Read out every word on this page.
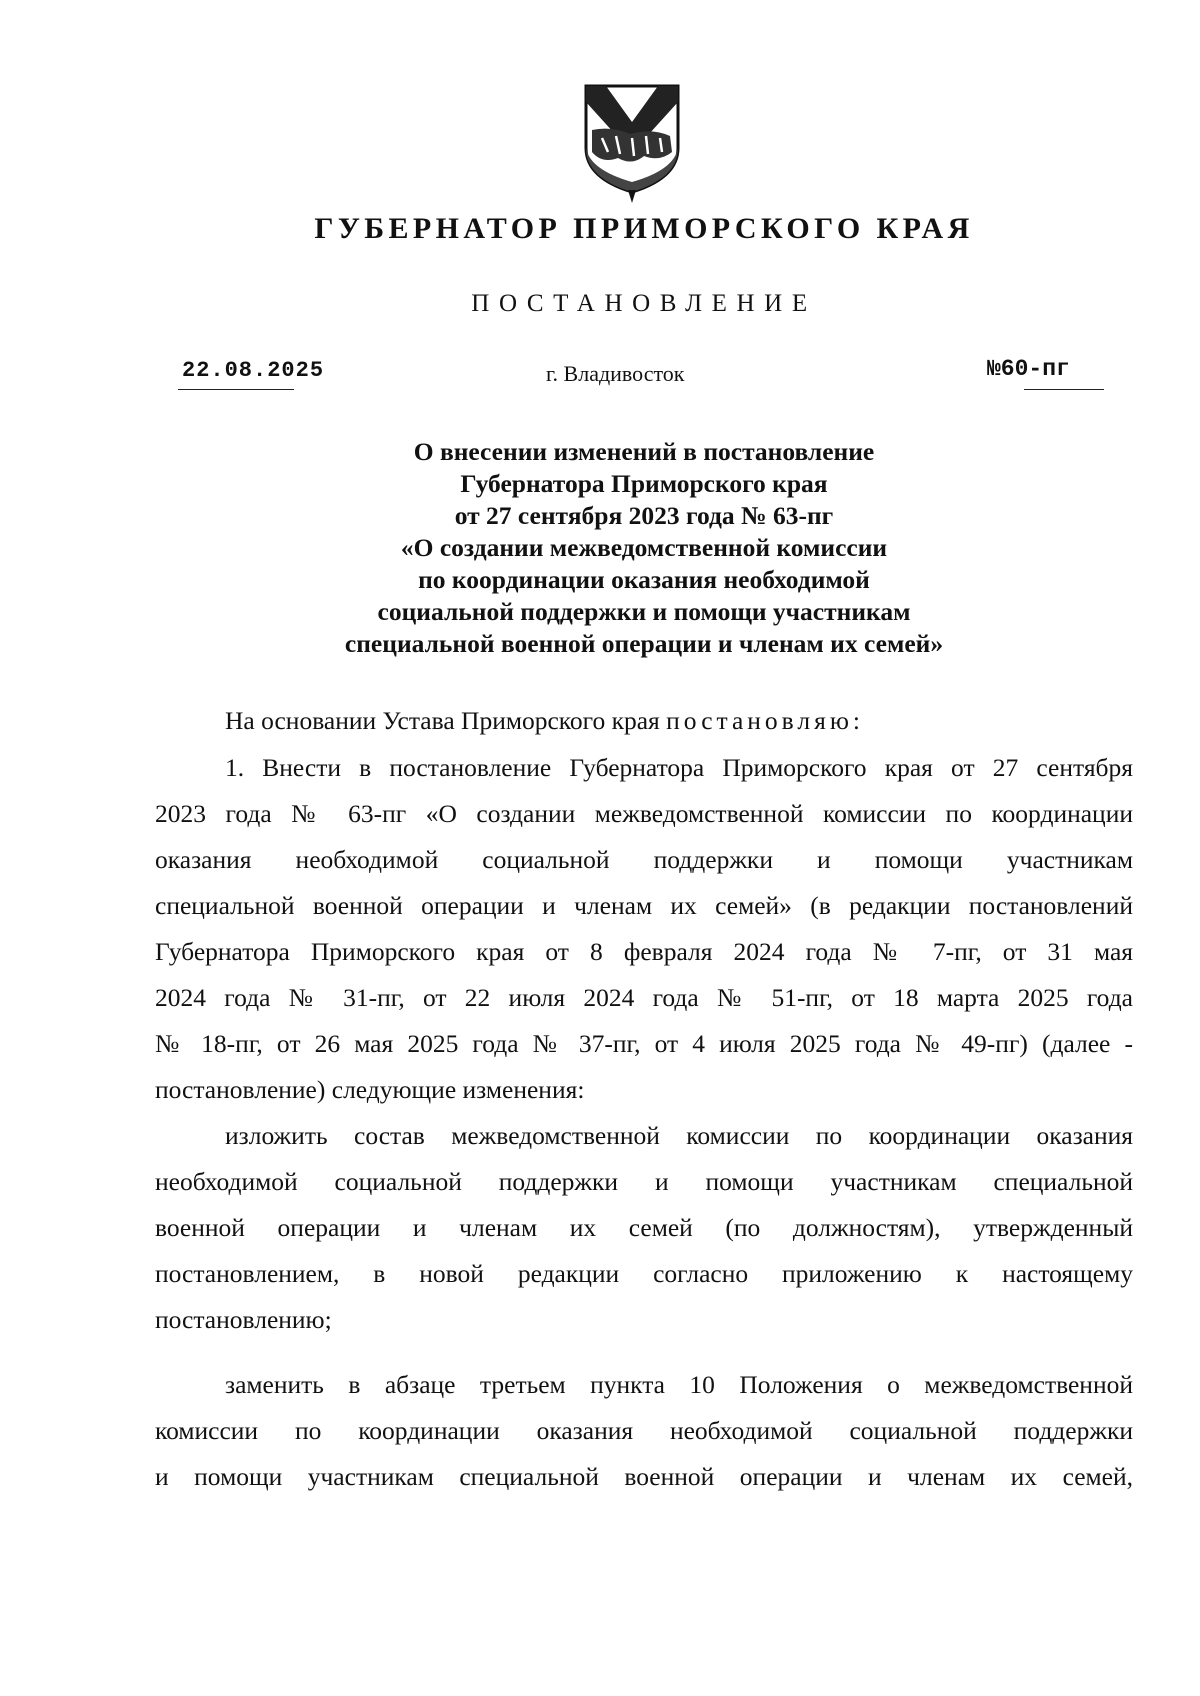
ГУБЕРНАТОР ПРИМОРСКОГО КРАЯ
ПОСТАНОВЛЕНИЕ
22.08.2025	г. Владивосток	№60-пг
О внесении изменений в постановление
Губернатора Приморского края
от 27 сентября 2023 года № 63-пг
«О создании межведомственной комиссии
по координации оказания необходимой
социальной поддержки и помощи участникам
специальной военной операции и членам их семей»
На основании Устава Приморского края постановляю:
1. Внести в постановление Губернатора Приморского края от 27 сентября
2023 года № 63-пг «О создании межведомственной комиссии по координации
оказания необходимой социальной поддержки и помощи участникам
специальной военной операции и членам их семей» (в редакции постановлений
Губернатора Приморского края от 8 февраля 2024 года № 7-пг, от 31 мая
2024 года № 31-пг, от 22 июля 2024 года № 51-пг, от 18 марта 2025 года
№ 18-пг, от 26 мая 2025 года № 37-пг, от 4 июля 2025 года № 49-пг) (далее -
постановление) следующие изменения:
изложить состав межведомственной комиссии по координации оказания
необходимой социальной поддержки и помощи участникам специальной
военной операции и членам их семей (по должностям), утвержденный
постановлением, в новой редакции согласно приложению к настоящему
постановлению;
заменить в абзаце третьем пункта 10 Положения о межведомственной
комиссии по координации оказания необходимой социальной поддержки
и помощи участникам специальной военной операции и членам их семей,
